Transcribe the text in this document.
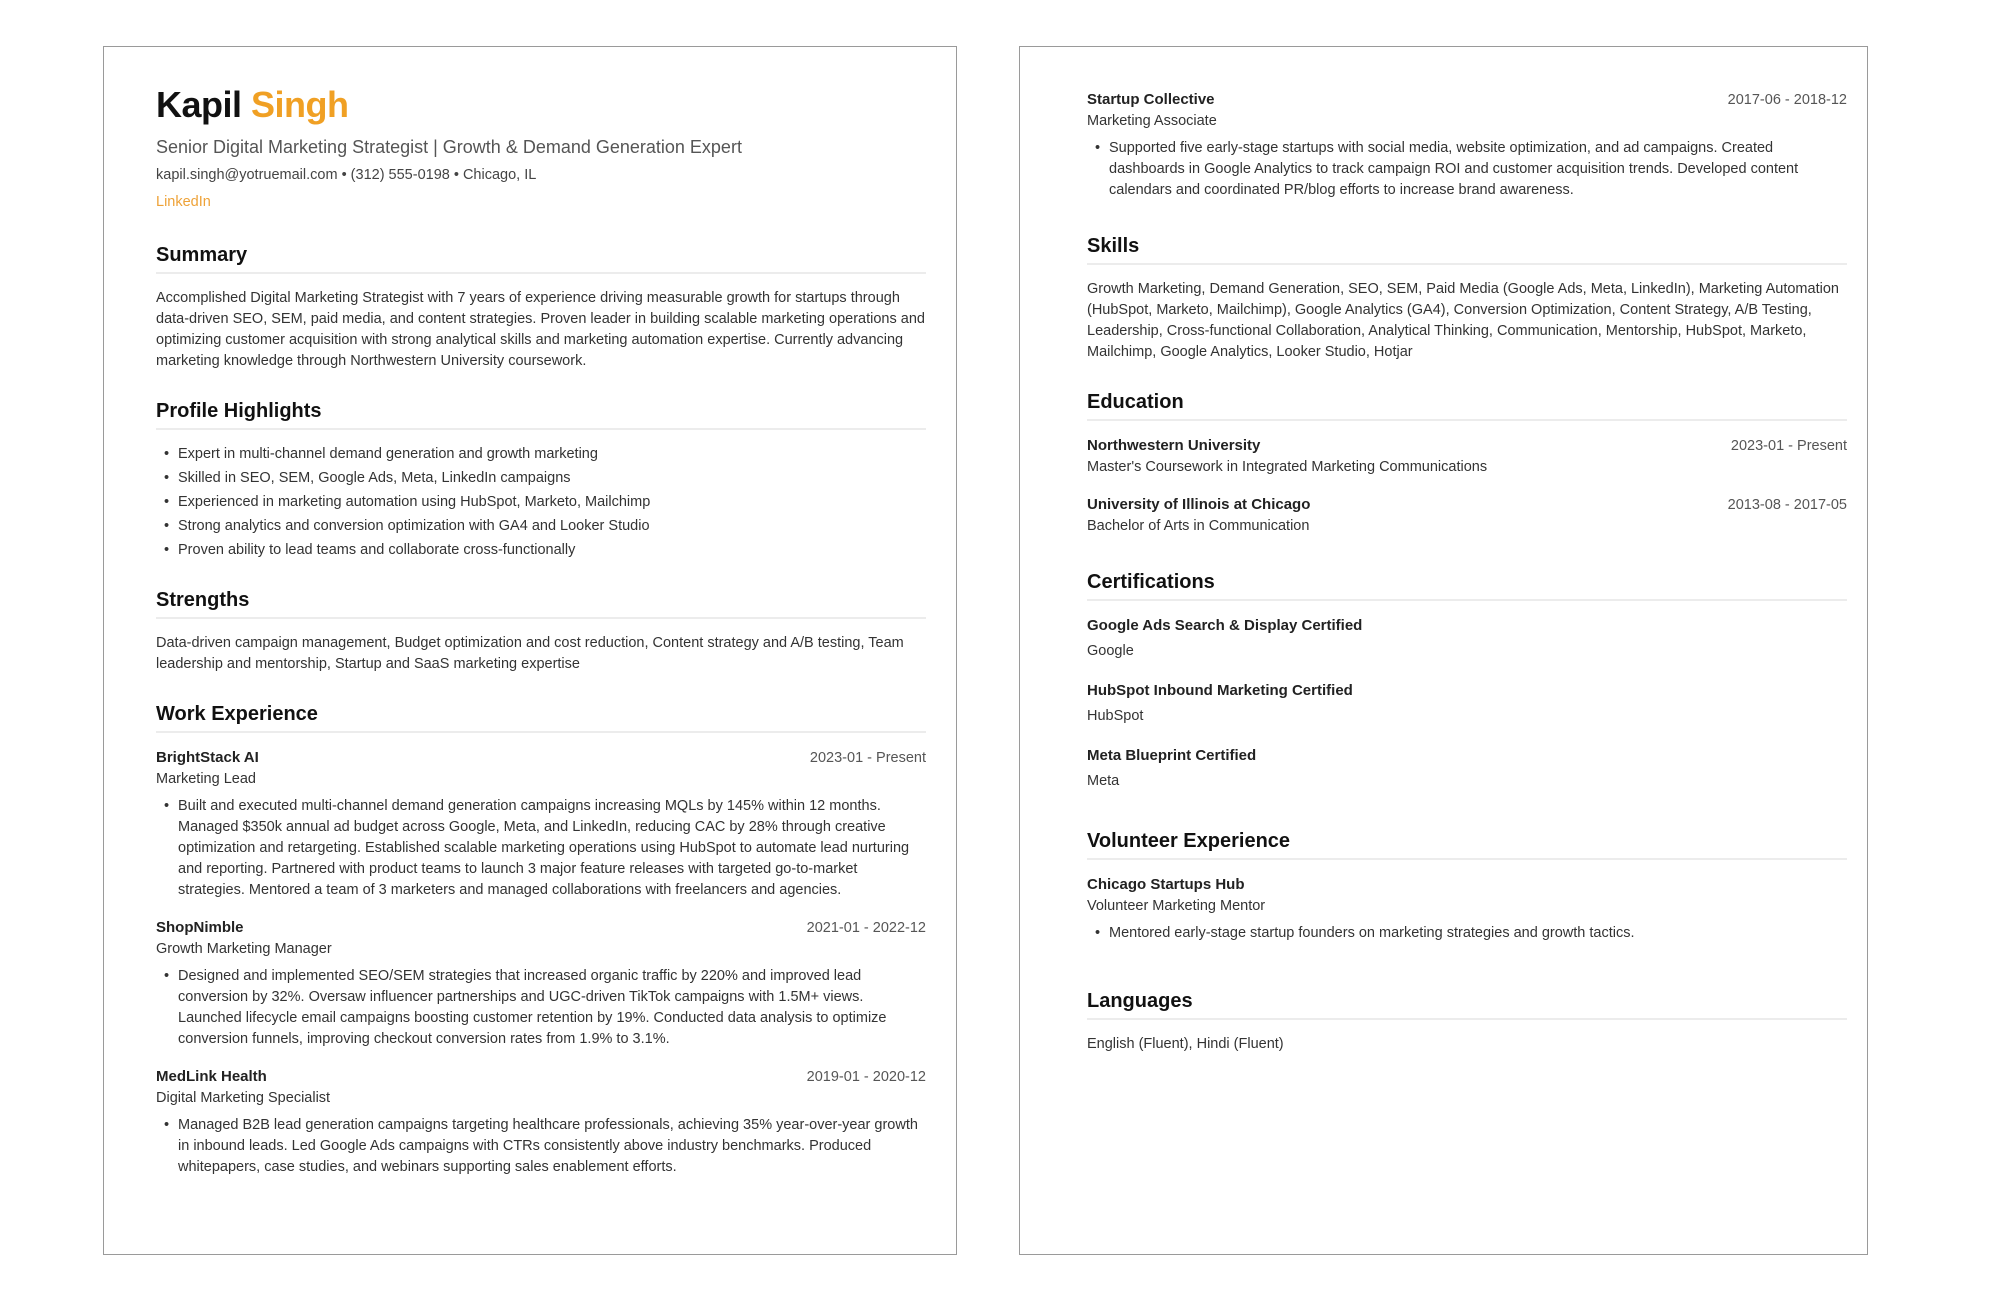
Kapil Singh
Senior Digital Marketing Strategist | Growth & Demand Generation Expert
kapil.singh@yotruemail.com • (312) 555-0198 • Chicago, IL
LinkedIn
Summary

Accomplished Digital Marketing Strategist with 7 years of experience driving measurable growth for startups through data-driven SEO, SEM, paid media, and content strategies. Proven leader in building scalable marketing operations and optimizing customer acquisition with strong analytical skills and marketing automation expertise. Currently advancing marketing knowledge through Northwestern University coursework.

Profile Highlights
• Expert in multi-channel demand generation and growth marketing
• Skilled in SEO, SEM, Google Ads, Meta, LinkedIn campaigns
• Experienced in marketing automation using HubSpot, Marketo, Mailchimp
• Strong analytics and conversion optimization with GA4 and Looker Studio
• Proven ability to lead teams and collaborate cross-functionally
Strengths

Data-driven campaign management, Budget optimization and cost reduction, Content strategy and A/B testing, Team leadership and mentorship, Startup and SaaS marketing expertise

Work Experience
BrightStack AI	2023-01 - Present
Marketing Lead
• Built and executed multi-channel demand generation campaigns increasing MQLs by 145% within 12 months. Managed $350k annual ad budget across Google, Meta, and LinkedIn, reducing CAC by 28% through creative optimization and retargeting. Established scalable marketing operations using HubSpot to automate lead nurturing and reporting. Partnered with product teams to launch 3 major feature releases with targeted go-to-market strategies. Mentored a team of 3 marketers and managed collaborations with freelancers and agencies.
ShopNimble	2021-01 - 2022-12
Growth Marketing Manager
• Designed and implemented SEO/SEM strategies that increased organic traffic by 220% and improved lead conversion by 32%. Oversaw influencer partnerships and UGC-driven TikTok campaigns with 1.5M+ views. Launched lifecycle email campaigns boosting customer retention by 19%. Conducted data analysis to optimize conversion funnels, improving checkout conversion rates from 1.9% to 3.1%.
MedLink Health	2019-01 - 2020-12
Digital Marketing Specialist
• Managed B2B lead generation campaigns targeting healthcare professionals, achieving 35% year-over-year growth in inbound leads. Led Google Ads campaigns with CTRs consistently above industry benchmarks. Produced whitepapers, case studies, and webinars supporting sales enablement efforts.
Startup Collective	2017-06 - 2018-12
Marketing Associate
• Supported five early-stage startups with social media, website optimization, and ad campaigns. Created dashboards in Google Analytics to track campaign ROI and customer acquisition trends. Developed content calendars and coordinated PR/blog efforts to increase brand awareness.
Skills

Growth Marketing, Demand Generation, SEO, SEM, Paid Media (Google Ads, Meta, LinkedIn), Marketing Automation (HubSpot, Marketo, Mailchimp), Google Analytics (GA4), Conversion Optimization, Content Strategy, A/B Testing, Leadership, Cross-functional Collaboration, Analytical Thinking, Communication, Mentorship, HubSpot, Marketo, Mailchimp, Google Analytics, Looker Studio, Hotjar

Education
Northwestern University	2023-01 - Present
Master's Coursework in Integrated Marketing Communications
University of Illinois at Chicago	2013-08 - 2017-05
Bachelor of Arts in Communication
Certifications
Google Ads Search & Display Certified
Google
HubSpot Inbound Marketing Certified
HubSpot
Meta Blueprint Certified
Meta
Volunteer Experience
Chicago Startups Hub
Volunteer Marketing Mentor
• Mentored early-stage startup founders on marketing strategies and growth tactics.
Languages

English (Fluent), Hindi (Fluent)
